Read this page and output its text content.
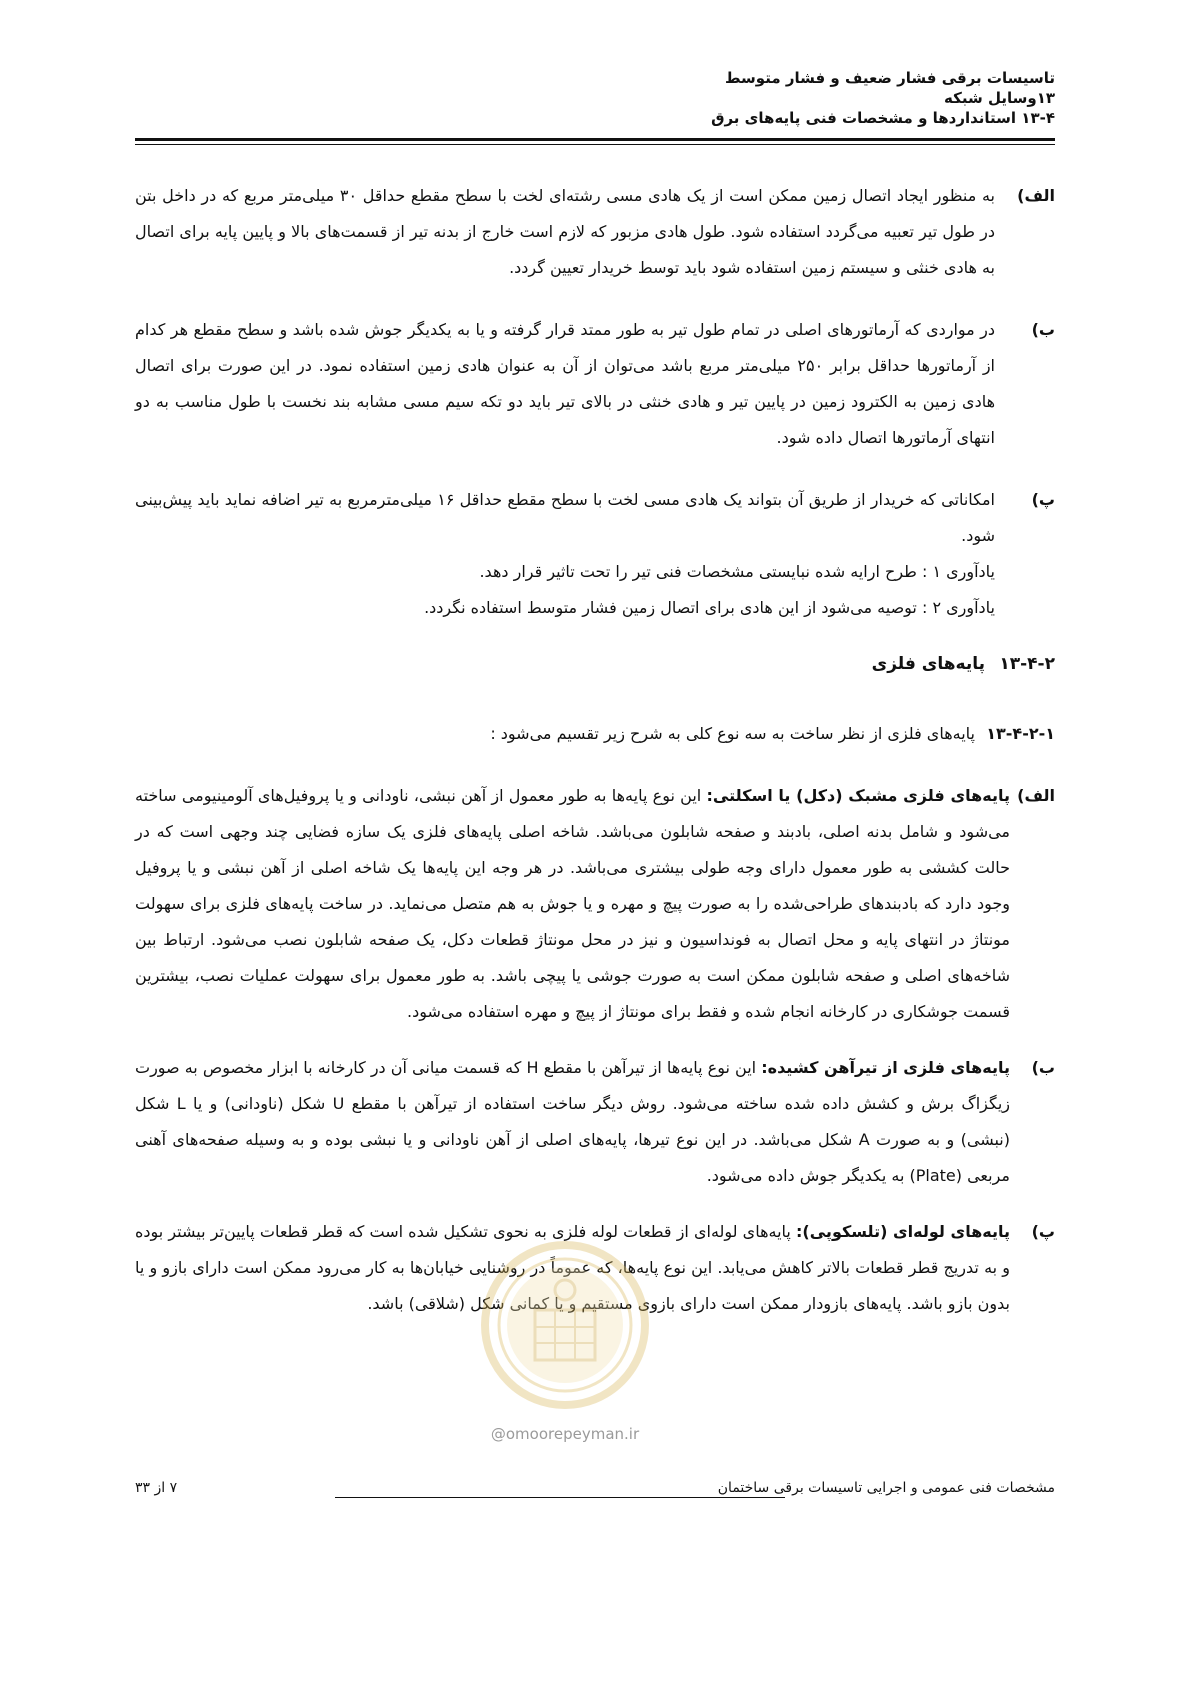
تاسیسات برقی فشار ضعیف و فشار متوسط
۱۳وسایل شبکه
۱۳-۴ استانداردها و مشخصات فنی پایه‌های برق
الف)

به منظور ایجاد اتصال زمین ممکن است از یک هادی مسی رشته‌ای لخت با سطح مقطع حداقل ۳۰ میلی‌متر مربع که در داخل بتن در طول تیر تعبیه می‌گردد استفاده شود. طول هادی مزبور که لازم است خارج از بدنه تیر از قسمت‌های بالا و پایین پایه برای اتصال به هادی خنثی و سیستم زمین استفاده شود باید توسط خریدار تعیین گردد.

ب)

در مواردی که آرماتورهای اصلی در تمام طول تیر به طور ممتد قرار گرفته و یا به یکدیگر جوش شده باشد و سطح مقطع هر کدام از آرماتورها حداقل برابر ۲۵۰ میلی‌متر مربع باشد می‌توان از آن به عنوان هادی زمین استفاده نمود. در این صورت برای اتصال هادی زمین به الکترود زمین در پایین تیر و هادی خنثی در بالای تیر باید دو تکه سیم مسی مشابه بند نخست با طول مناسب به دو انتهای آرماتورها اتصال داده شود.

پ)

امکاناتی که خریدار از طریق آن بتواند یک هادی مسی لخت با سطح مقطع حداقل ۱۶ میلی‌مترمربع به تیر اضافه نماید باید پیش‌بینی شود.

یادآوری ۱ : طرح ارایه شده نبایستی مشخصات فنی تیر را تحت تاثیر قرار دهد.

یادآوری ۲ : توصیه می‌شود از این هادی برای اتصال زمین فشار متوسط استفاده نگردد.

۱۳-۴-۲
پایه‌های فلزی
۱۳-۴-۲-۱
پایه‌های فلزی از نظر ساخت به سه نوع کلی به شرح زیر تقسیم می‌شود :
الف)

پایه‌های فلزی مشبک (دکل) یا اسکلتی: این نوع پایه‌ها به طور معمول از آهن نبشی، ناودانی و یا پروفیل‌های آلومینیومی ساخته می‌شود و شامل بدنه اصلی، بادبند و صفحه شابلون می‌باشد. شاخه اصلی پایه‌های فلزی یک سازه فضایی چند وجهی است که در حالت کششی به طور معمول دارای وجه طولی بیشتری می‌باشد. در هر وجه این پایه‌ها یک شاخه اصلی از آهن نبشی و یا پروفیل وجود دارد که بادبندهای طراحی‌شده را به صورت پیچ و مهره و یا جوش به هم متصل می‌نماید. در ساخت پایه‌های فلزی برای سهولت مونتاژ در انتهای پایه و محل اتصال به فونداسیون و نیز در محل مونتاژ قطعات دکل، یک صفحه شابلون نصب می‌شود. ارتباط بین شاخه‌های اصلی و صفحه شابلون ممکن است به صورت جوشی یا پیچی باشد. به طور معمول برای سهولت عملیات نصب، بیشترین قسمت جوشکاری در کارخانه انجام شده و فقط برای مونتاژ از پیچ و مهره استفاده می‌شود.

ب)

پایه‌های فلزی از تیرآهن کشیده: این نوع پایه‌ها از تیرآهن با مقطع H که قسمت میانی آن در کارخانه با ابزار مخصوص به صورت زیگزاگ برش و کشش داده شده ساخته می‌شود. روش دیگر ساخت استفاده از تیرآهن با مقطع U شکل (ناودانی) و یا L شکل (نبشی) و به صورت A شکل می‌باشد. در این نوع تیرها، پایه‌های اصلی از آهن ناودانی و یا نبشی بوده و به وسیله صفحه‌های آهنی مربعی (Plate) به یکدیگر جوش داده می‌شود.

پ)

پایه‌های لوله‌ای (تلسکوپی): پایه‌های لوله‌ای از قطعات لوله فلزی به نحوی تشکیل شده است که قطر قطعات پایین‌تر بیشتر بوده و به تدریج قطر قطعات بالاتر کاهش می‌یابد. این نوع پایه‌ها، که عموماً در روشنایی خیابان‌ها به کار می‌رود ممکن است دارای بازو و یا بدون بازو باشد. پایه‌های بازودار ممکن است دارای بازوی مستقیم و یا کمانی شکل (شلاقی) باشد.

@omoorepeyman.ir
مشخصات فنی عمومی و اجرایی تاسیسات برقی ساختمان
۷ از ۳۳
